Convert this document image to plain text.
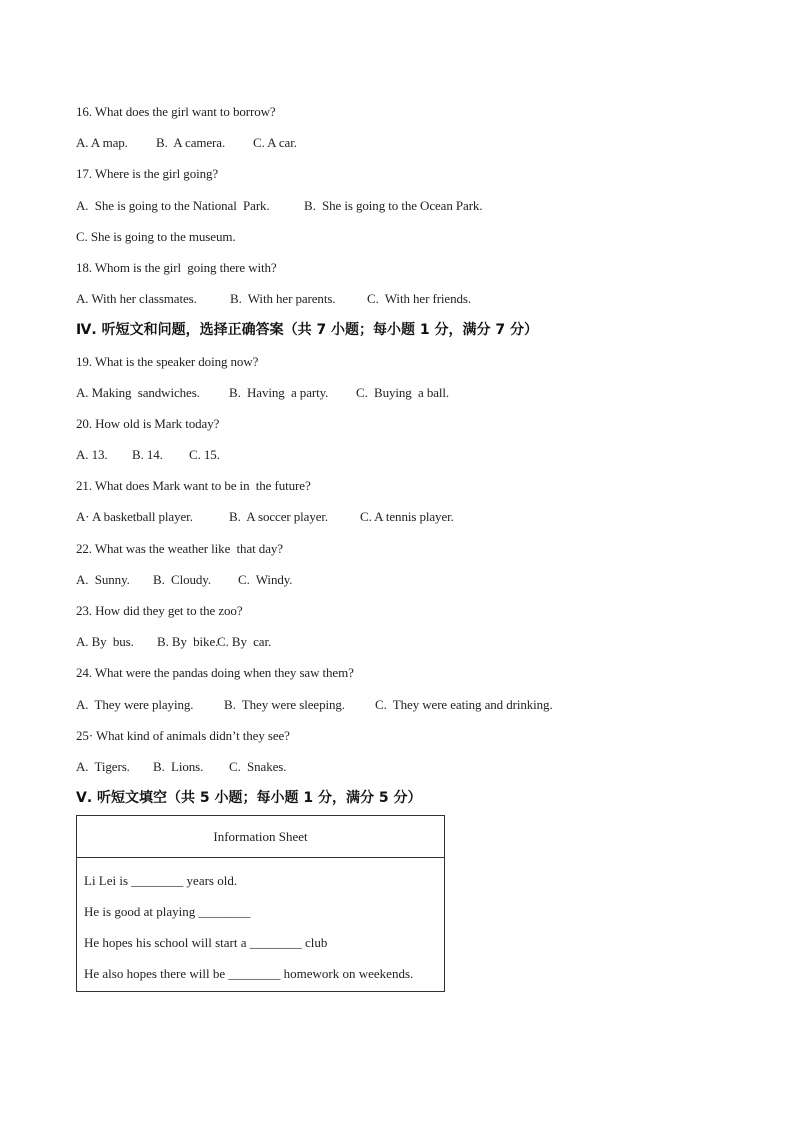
16. What does the girl want to borrow?
A. A map. B.  A camera. C. A car.
17. Where is the girl going?
A.  She is going to the National  Park.	B.  She is going to the Ocean Park.
C. She is going to the museum.
18. Whom is the girl  going there with?
A. With her classmates.	B.  With her parents. C.  With her friends.
Ⅳ. 听短文和问题，选择正确答案（共 7 小题；每小题 1 分，满分 7 分）
19. What is the speaker doing now?
A. Making  sandwiches. B.  Having  a party. C.  Buying  a ball.
20. How old is Mark today?
A. 13. B. 14. C. 15.
21. What does Mark want to be in  the future?
A· A basketball player.	B.  A soccer player. C. A tennis player.
22. What was the weather like  that day?
A.  Sunny. B.  Cloudy. C.  Windy.
23. How did they get to the zoo?
A. By  bus. B. By  bike.C. By  car.
24. What were the pandas doing when they saw them?
A.  They were playing. B.  They were sleeping. C.  They were eating and drinking.
25· What kind of animals didn’t they see?
A.  Tigers. B.  Lions. C.  Snakes.
Ⅴ. 听短文填空（共 5 小题；每小题 1 分，满分 5 分）
Information Sheet
Li Lei is ________ years old.
He is good at playing ________
He hopes his school will start a ________ club
He also hopes there will be ________ homework on weekends.
